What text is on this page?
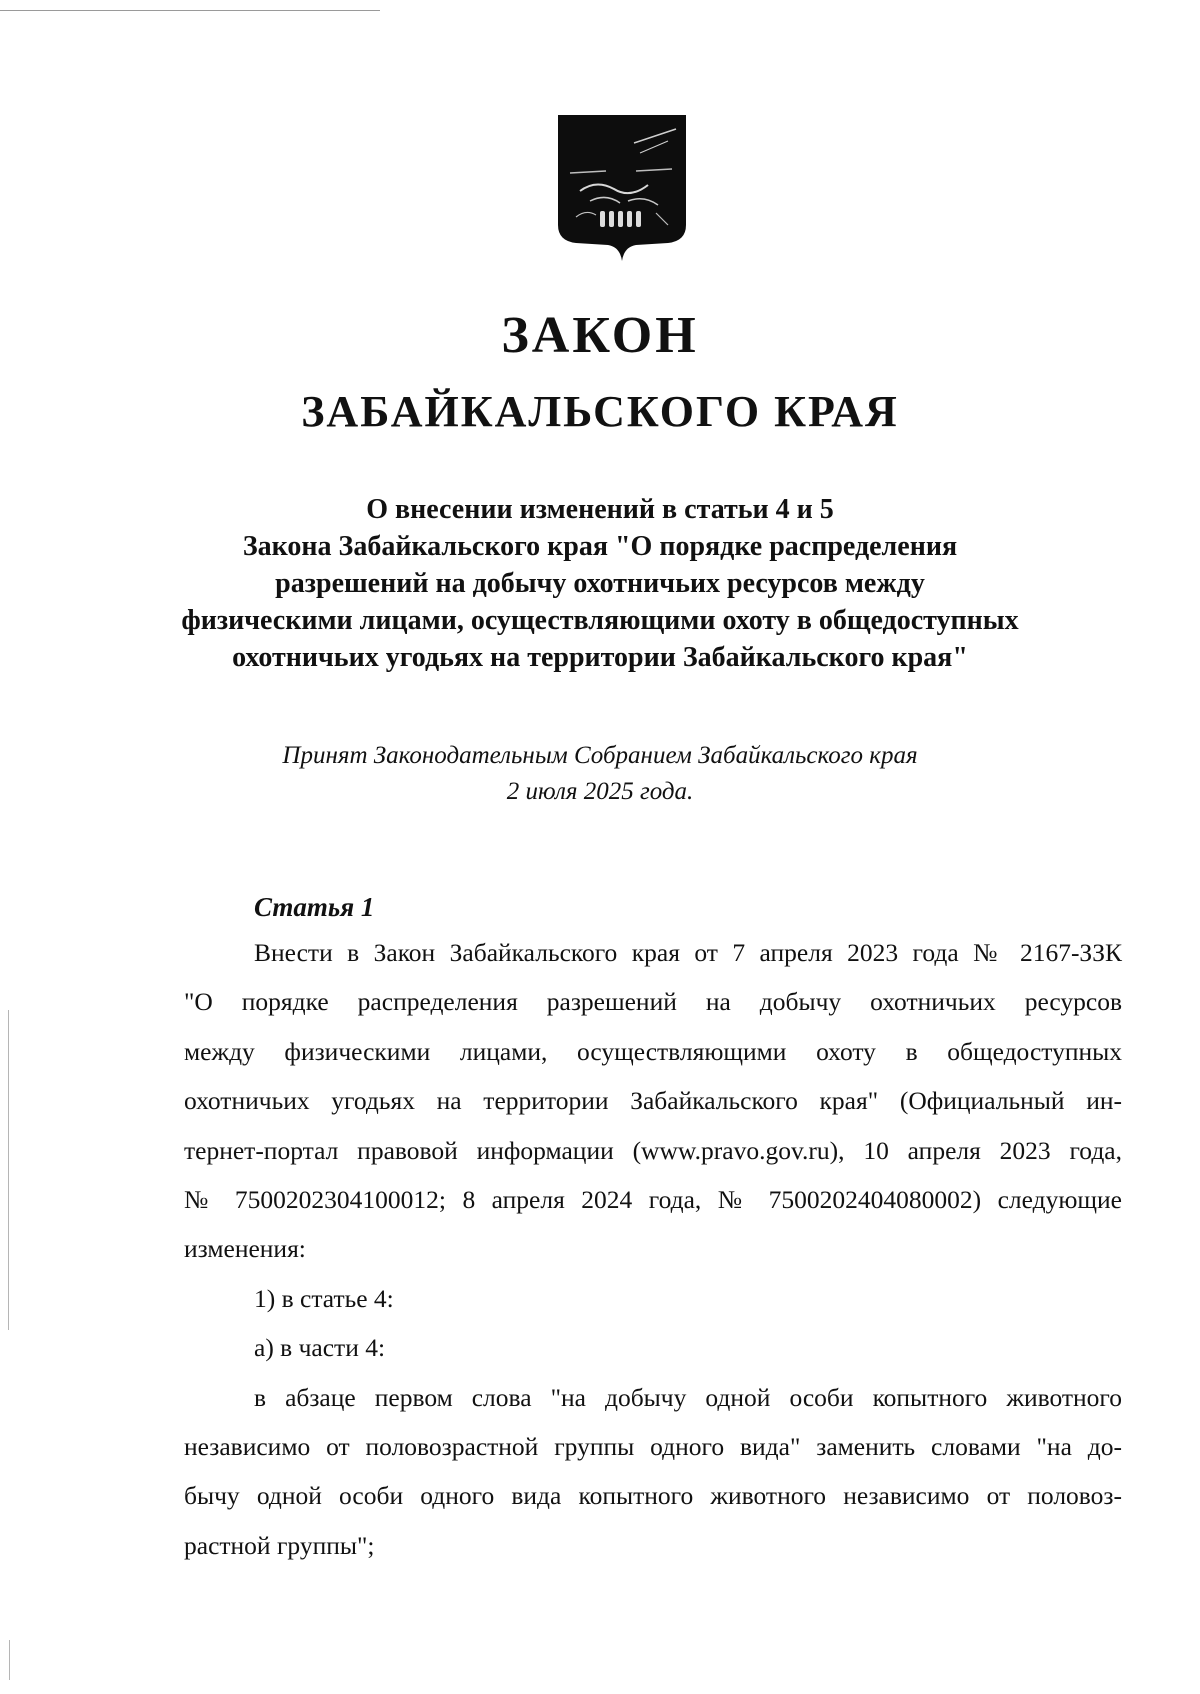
ЗАКОН
ЗАБАЙКАЛЬСКОГО КРАЯ
О внесении изменений в статьи 4 и 5
Закона Забайкальского края "О порядке распределения
разрешений на добычу охотничьих ресурсов между
физическими лицами, осуществляющими охоту в общедоступных
охотничьих угодьях на территории Забайкальского края"
Принят Законодательным Собранием Забайкальского края
2 июля 2025 года.
Статья 1
Внести в Закон Забайкальского края от 7 апреля 2023 года № 2167-ЗЗК
"О порядке распределения разрешений на добычу охотничьих ресурсов
между физическими лицами, осуществляющими охоту в общедоступных
охотничьих угодьях на территории Забайкальского края" (Официальный ин-
тернет-портал правовой информации (www.pravo.gov.ru), 10 апреля 2023 года,
№ 7500202304100012; 8 апреля 2024 года, № 7500202404080002) следующие
изменения:
1) в статье 4:
а) в части 4:
в абзаце первом слова "на добычу одной особи копытного животного
независимо от половозрастной группы одного вида" заменить словами "на до-
бычу одной особи одного вида копытного животного независимо от половоз-
растной группы";
